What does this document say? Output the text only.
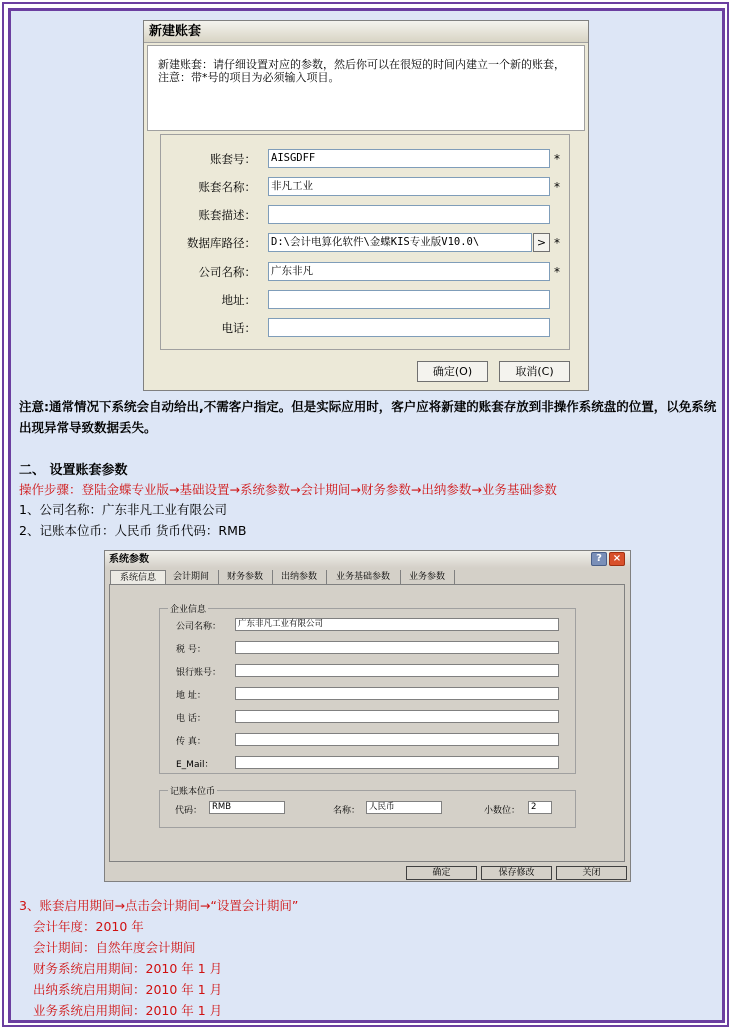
新建账套
新建账套：请仔细设置对应的参数，然后你可以在很短的时间内建立一个新的账套，注意：带*号的项目为必须输入项目。
账套号： AISGDFF	*
账套名称： 非凡工业	*
账套描述：
数据库路径： D:\会计电算化软件\金蝶KIS专业版V10.0\	> *
公司名称： 广东非凡	*
地址：
电话：
确定(O)	取消(C)
注意:通常情况下系统会自动给出,不需客户指定。但是实际应用时，客户应将新建的账套存放到非操作系统盘的位置，以免系统出现异常导致数据丢失。
二、 设置账套参数
操作步骤：登陆金蝶专业版→基础设置→系统参数→会计期间→财务参数→出纳参数→业务基础参数
1、公司名称：广东非凡工业有限公司
2、记账本位币：人民币 货币代码：RMB
系统参数	?	×
系统信息	会计期间	财务参数	出纳参数	业务基础参数	业务参数
企业信息
公司名称：	广东非凡工业有限公司
税 号：
银行账号：
地 址：
电 话：
传 真：
E_Mail：
记账本位币
代码：	RMB	名称：	人民币	小数位：	2
确定	保存修改	关闭
3、账套启用期间→点击会计期间→“设置会计期间”
会计年度：2010 年
会计期间：自然年度会计期间
财务系统启用期间：2010 年 1 月
出纳系统启用期间：2010 年 1 月
业务系统启用期间：2010 年 1 月
